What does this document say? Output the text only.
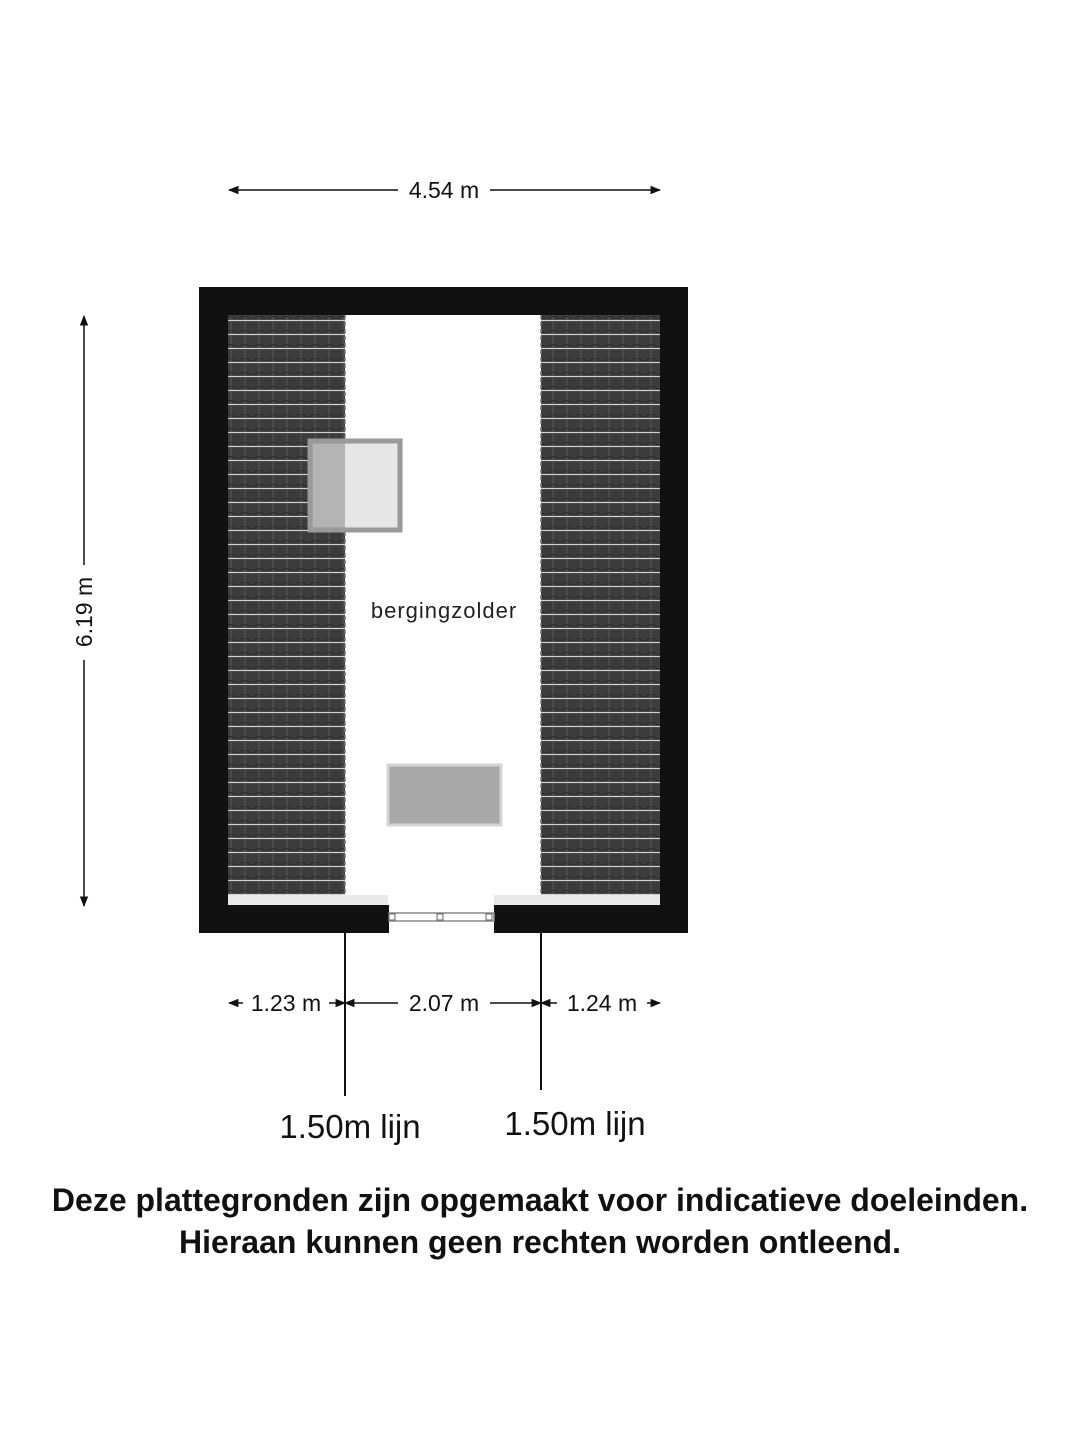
4.54 m
6.19 m	bergingzolder
1.23 m	2.07 m	1.24 m
1.50m lijn	1.50m lijn

Deze plattegronden zijn opgemaakt voor indicatieve doeleinden.

Hieraan kunnen geen rechten worden ontleend.
